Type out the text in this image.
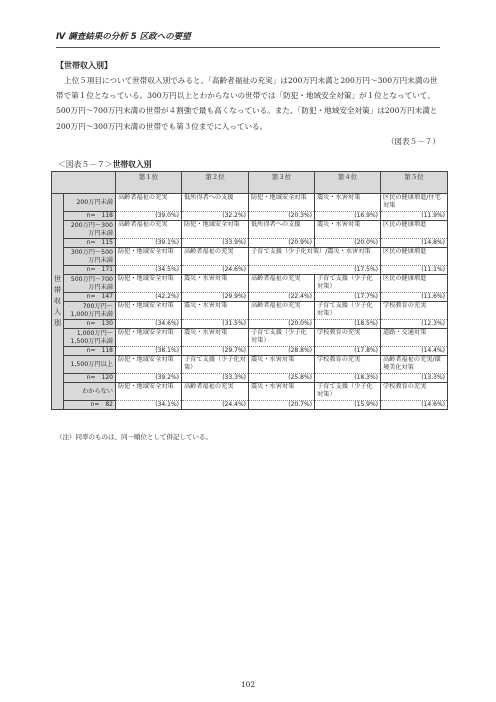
Ⅳ 調査結果の分析 5 区政への要望
【世帯収入別】

上位５項目について世帯収入別でみると、「高齢者福祉の充実」は200万円未満と200万円～300万円未満の世帯で第１位となっている。300万円以上とわからないの世帯では「防犯・地域安全対策」が１位となっていて、500万円～700万円未満の世帯が４割強で最も高くなっている。また、「防犯・地域安全対策」は200万円未満と200万円～300万円未満の世帯でも第３位までに入っている。

（図表５－７）
＜図表５－７＞世帯収入別
		第１位	第２位	第３位	第４位	第５位
世
帯
収
入
別	200万円未満	高齢者福祉の充実	低所得者への支援	防犯・地域安全対策	震災・水害対策	区民の健康増進/住宅対策
	n=　118	(39.0%)	(32.2%)	(20.3%)	(16.9%)	(11.9%)
	200万円～300万円未満	高齢者福祉の充実	防犯・地域安全対策	低所得者への支援	震災・水害対策	区民の健康増進
	n=　115	(39.1%)	(33.9%)	(20.9%)	(20.0%)	(14.8%)
	300万円～500万円未満	防犯・地域安全対策	高齢者福祉の充実	子育て支援（少子化対策）/震災・水害対策		区民の健康増進
	n=　171	(34.5%)	(24.6%)	(17.5%)		(11.1%)
	500万円～700万円未満	防犯・地域安全対策	震災・水害対策	高齢者福祉の充実	子育て支援（少子化対策）	区民の健康増進
	n=　147	(42.2%)	(29.9%)	(22.4%)	(17.7%)	(11.6%)
	700万円～1,000万円未満	防犯・地域安全対策	震災・水害対策	高齢者福祉の充実	子育て支援（少子化対策）	学校教育の充実
	n=　130	(34.6%)	(31.5%)	(20.0%)	(18.5%)	(12.3%)
	1,000万円～1,500万円未満	防犯・地域安全対策	震災・水害対策	子育て支援（少子化対策）	学校教育の充実	道路・交通対策
	n=　118	(38.1%)	(29.7%)	(28.8%)	(17.8%)	(14.4%)
	1,500万円以上	防犯・地域安全対策	子育て支援（少子化対策）	震災・水害対策	学校教育の充実	高齢者福祉の充実/環境美化対策
	n=　120	(39.2%)	(33.3%)	(25.8%)	(18.3%)	(13.3%)
	わからない	防犯・地域安全対策	高齢者福祉の充実	震災・水害対策	子育て支援（少子化対策）	学校教育の充実
	n=　82	(34.1%)	(24.4%)	(20.7%)	(15.9%)	(14.6%)
（注）同率のものは、同一順位として併記している。
102
